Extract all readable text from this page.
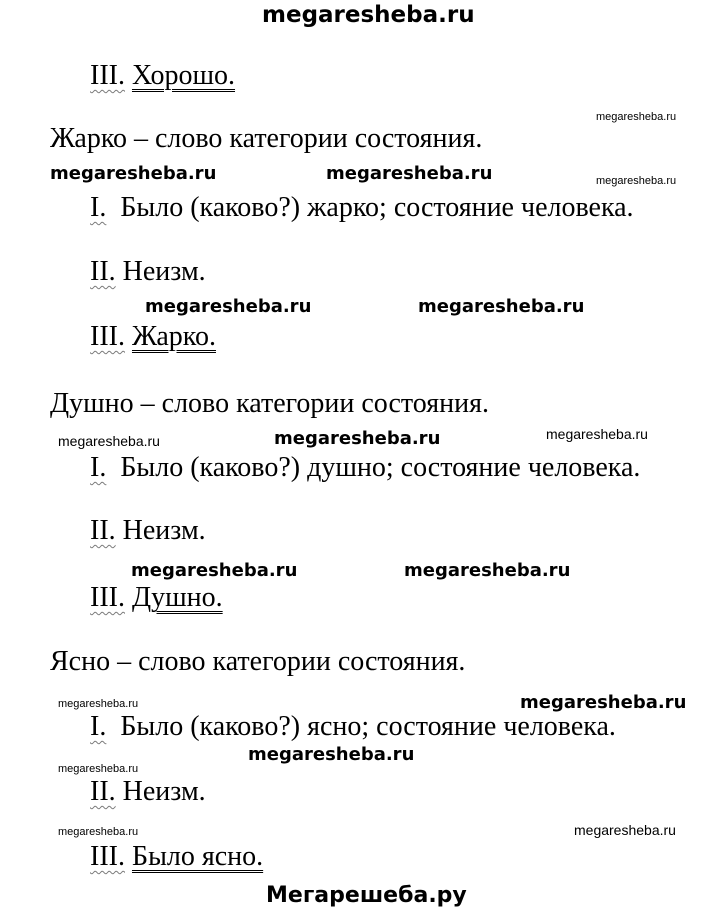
megaresheba.ru
III. Хорошо.
megaresheba.ru
Жарко – слово категории состояния.
megaresheba.ru	megaresheba.ru	megaresheba.ru
I. Было (каково?) жарко; состояние человека.
II. Неизм.
megaresheba.ru	megaresheba.ru
III. Жарко.
Душно – слово категории состояния.
megaresheba.ru	megaresheba.ru	megaresheba.ru
I. Было (каково?) душно; состояние человека.
II. Неизм.
megaresheba.ru	megaresheba.ru
III. Душно.
Ясно – слово категории состояния.
megaresheba.ru	megaresheba.ru
I. Было (каково?) ясно; состояние человека.
megaresheba.ru
megaresheba.ru
II. Неизм.
megaresheba.ru	megaresheba.ru
III. Было ясно.
Мегарешеба.ру
